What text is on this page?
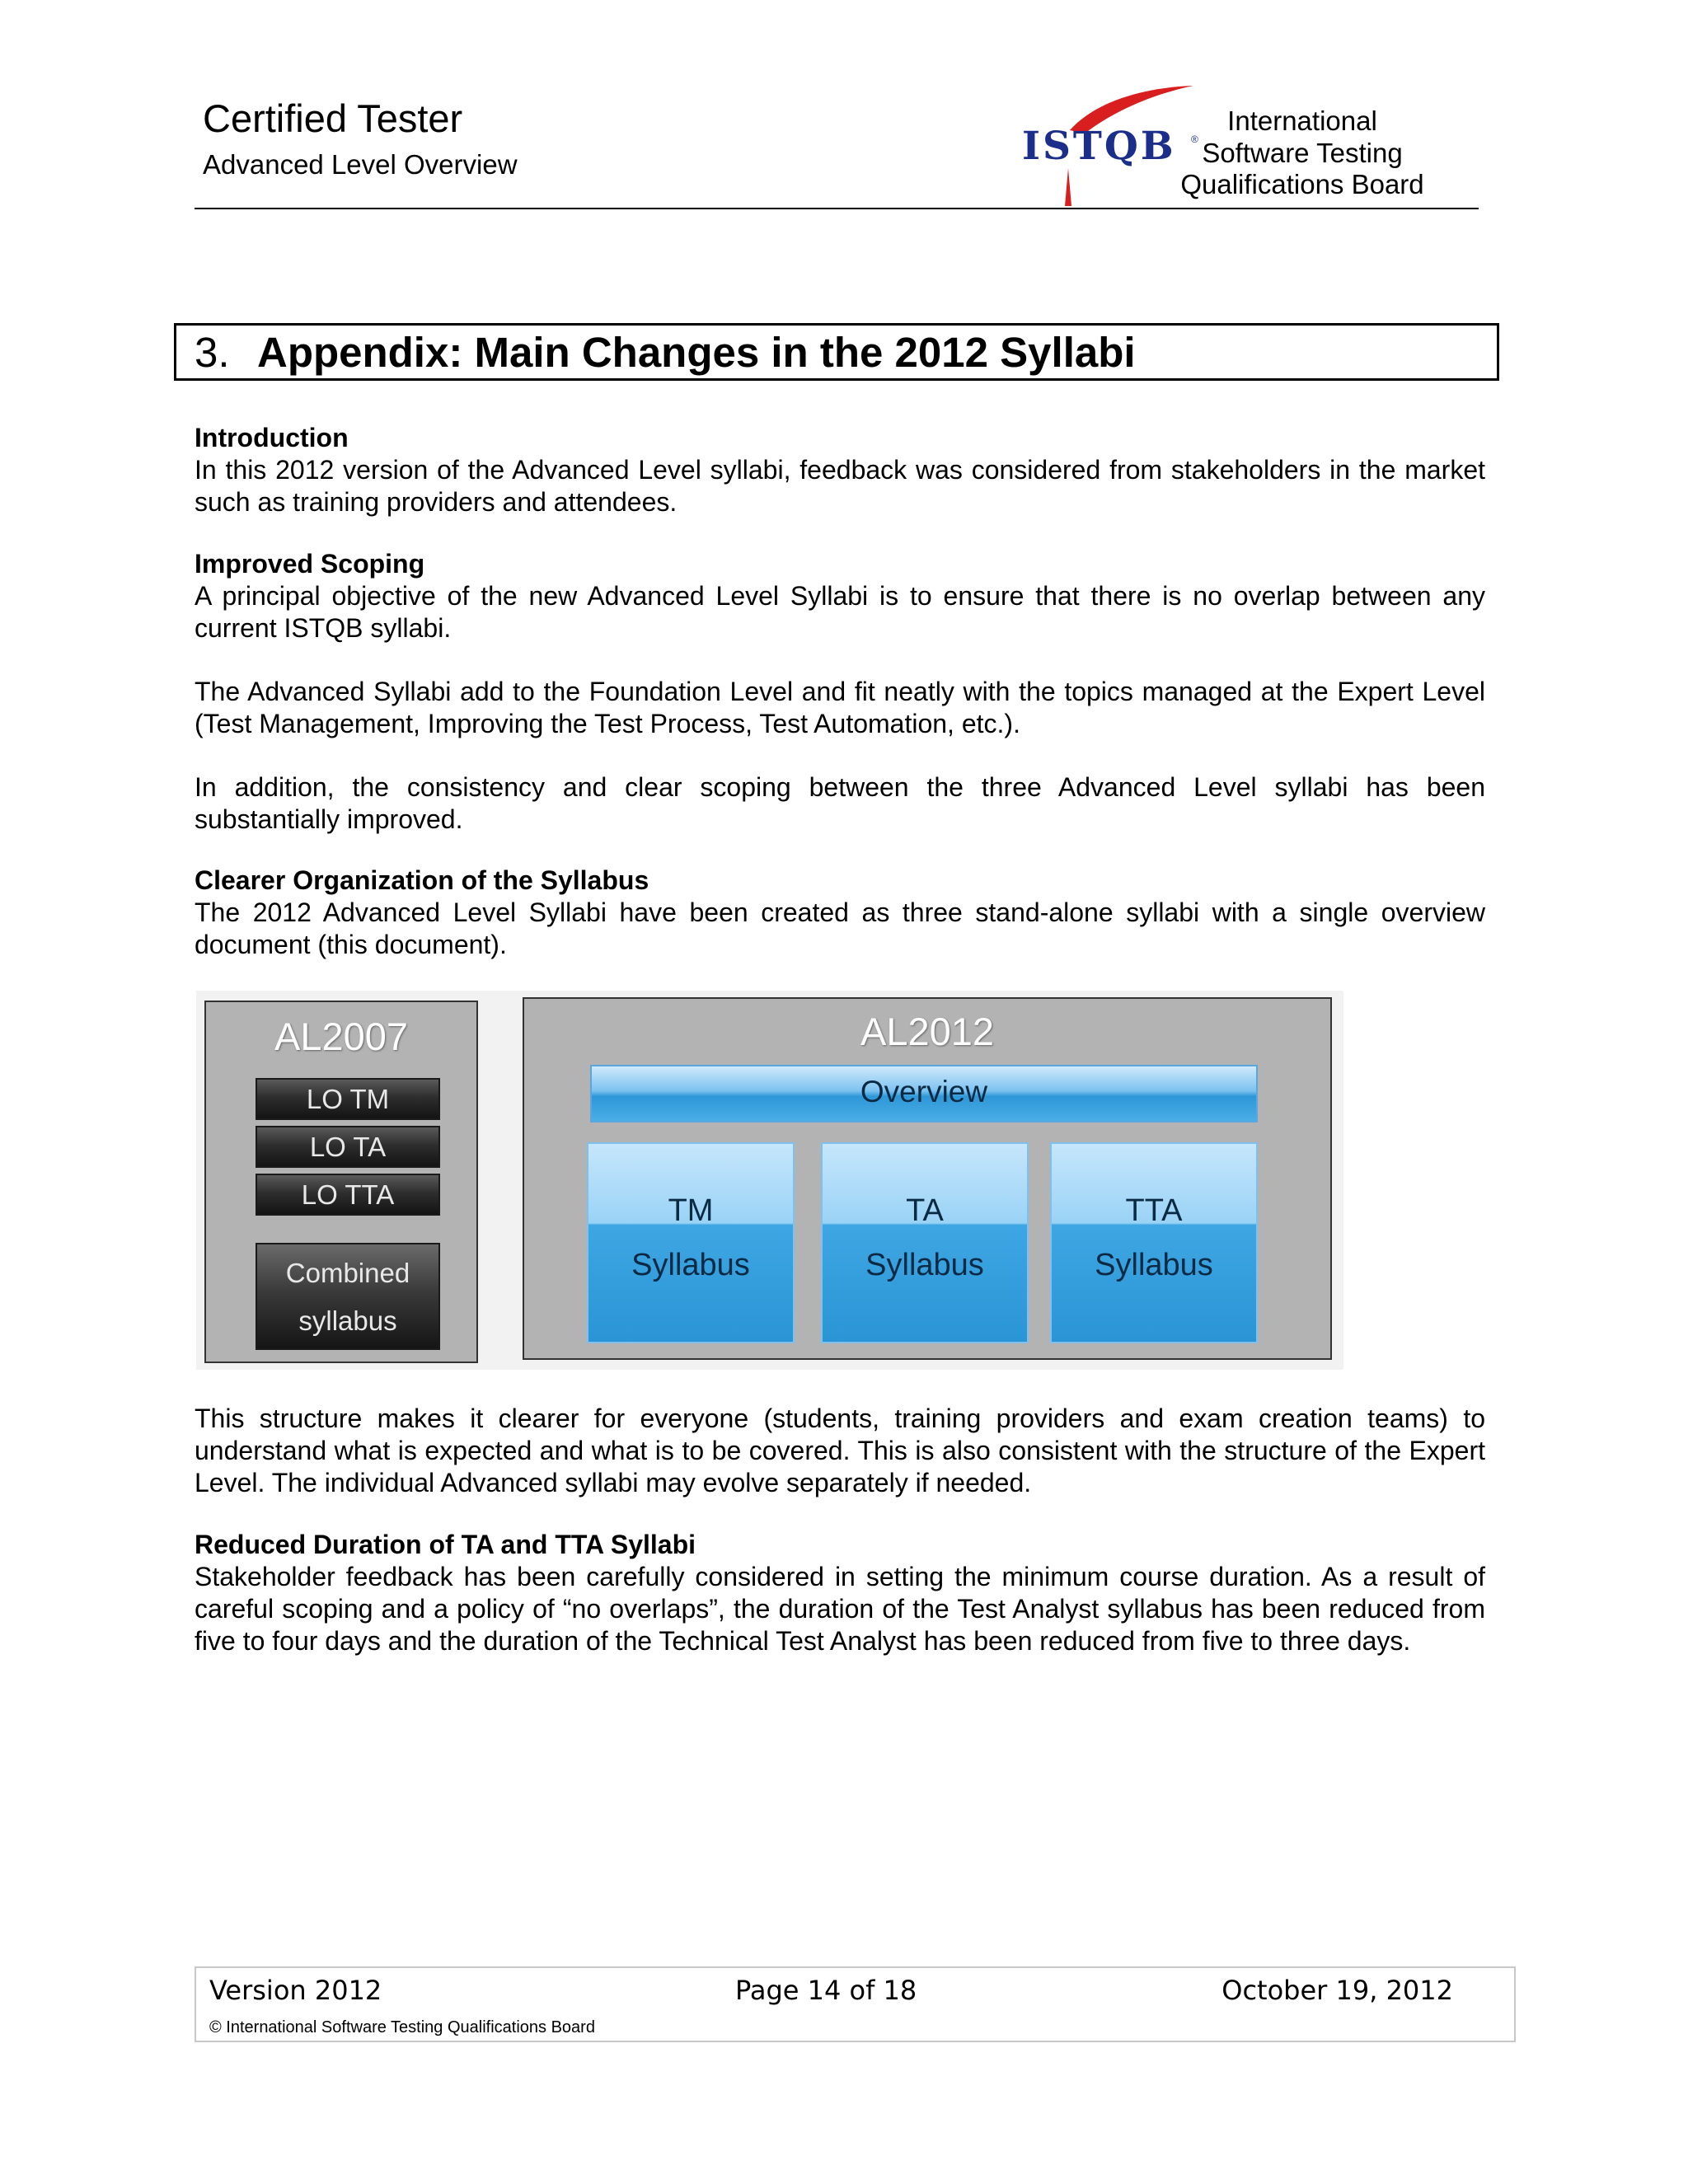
Certified Tester
Advanced Level Overview	ISTQB ®
International
Software Testing
Qualifications Board
3. Appendix: Main Changes in the 2012 Syllabi
Introduction
In this 2012 version of the Advanced Level syllabi, feedback was considered from stakeholders in the market such as training providers and attendees.
Improved Scoping
A principal objective of the new Advanced Level Syllabi is to ensure that there is no overlap between any current ISTQB syllabi.
The Advanced Syllabi add to the Foundation Level and fit neatly with the topics managed at the Expert Level (Test Management, Improving the Test Process, Test Automation, etc.).
In addition, the consistency and clear scoping between the three Advanced Level syllabi has been substantially improved.
Clearer Organization of the Syllabus
The 2012 Advanced Level Syllabi have been created as three stand-alone syllabi with a single overview document (this document).
AL2007
LO TM
LO TA
LO TTA
Combined
syllabus
AL2012
Overview
TM
Syllabus
TA
Syllabus
TTA
Syllabus
This structure makes it clearer for everyone (students, training providers and exam creation teams) to understand what is expected and what is to be covered. This is also consistent with the structure of the Expert Level. The individual Advanced syllabi may evolve separately if needed.
Reduced Duration of TA and TTA Syllabi
Stakeholder feedback has been carefully considered in setting the minimum course duration. As a result of careful scoping and a policy of “no overlaps”, the duration of the Test Analyst syllabus has been reduced from five to four days and the duration of the Technical Test Analyst has been reduced from five to three days.
Version 2012	Page 14 of 18	October 19, 2012
© International Software Testing Qualifications Board
